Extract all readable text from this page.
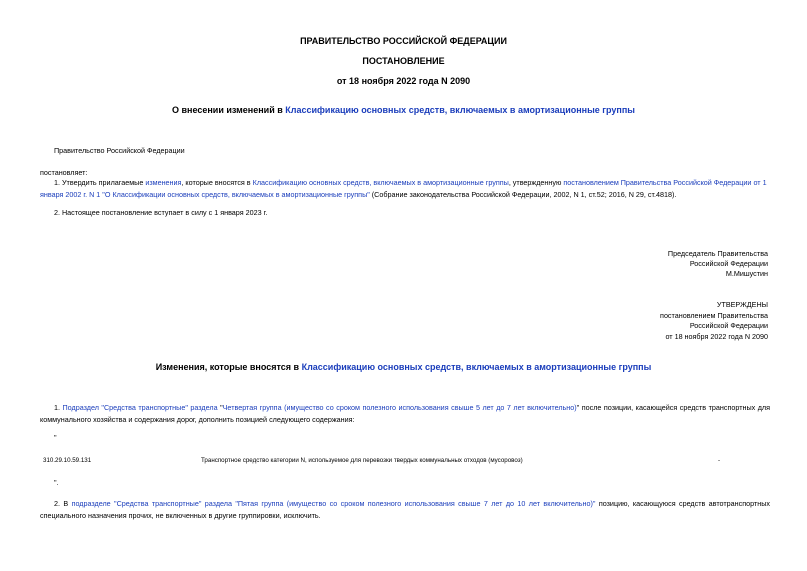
ПРАВИТЕЛЬСТВО РОССИЙСКОЙ ФЕДЕРАЦИИ
ПОСТАНОВЛЕНИЕ
от 18 ноября 2022 года N 2090
О внесении изменений в Классификацию основных средств, включаемых в амортизационные группы
Правительство Российской Федерации
постановляет:
1. Утвердить прилагаемые изменения, которые вносятся в Классификацию основных средств, включаемых в амортизационные группы, утвержденную постановлением Правительства Российской Федерации от 1 января 2002 г. N 1 "О Классификации основных средств, включаемых в амортизационные группы" (Собрание законодательства Российской Федерации, 2002, N 1, ст.52; 2016, N 29, ст.4818).
2. Настоящее постановление вступает в силу с 1 января 2023 г.
Председатель Правительства
Российской Федерации
М.Мишустин
УТВЕРЖДЕНЫ
постановлением Правительства
Российской Федерации
от 18 ноября 2022 года N 2090
Изменения, которые вносятся в Классификацию основных средств, включаемых в амортизационные группы
1. Подраздел "Средства транспортные" раздела "Четвертая группа (имущество со сроком полезного использования свыше 5 лет до 7 лет включительно)" после позиции, касающейся средств транспортных для коммунального хозяйства и содержания дорог, дополнить позицией следующего содержания:
"
310.29.10.59.131	Транспортное средство категории N, используемое для перевозки твердых коммунальных отходов (мусоровоз)	-
".
2. В подразделе "Средства транспортные" раздела "Пятая группа (имущество со сроком полезного использования свыше 7 лет до 10 лет включительно)" позицию, касающуюся средств автотранспортных специального назначения прочих, не включенных в другие группировки, исключить.
